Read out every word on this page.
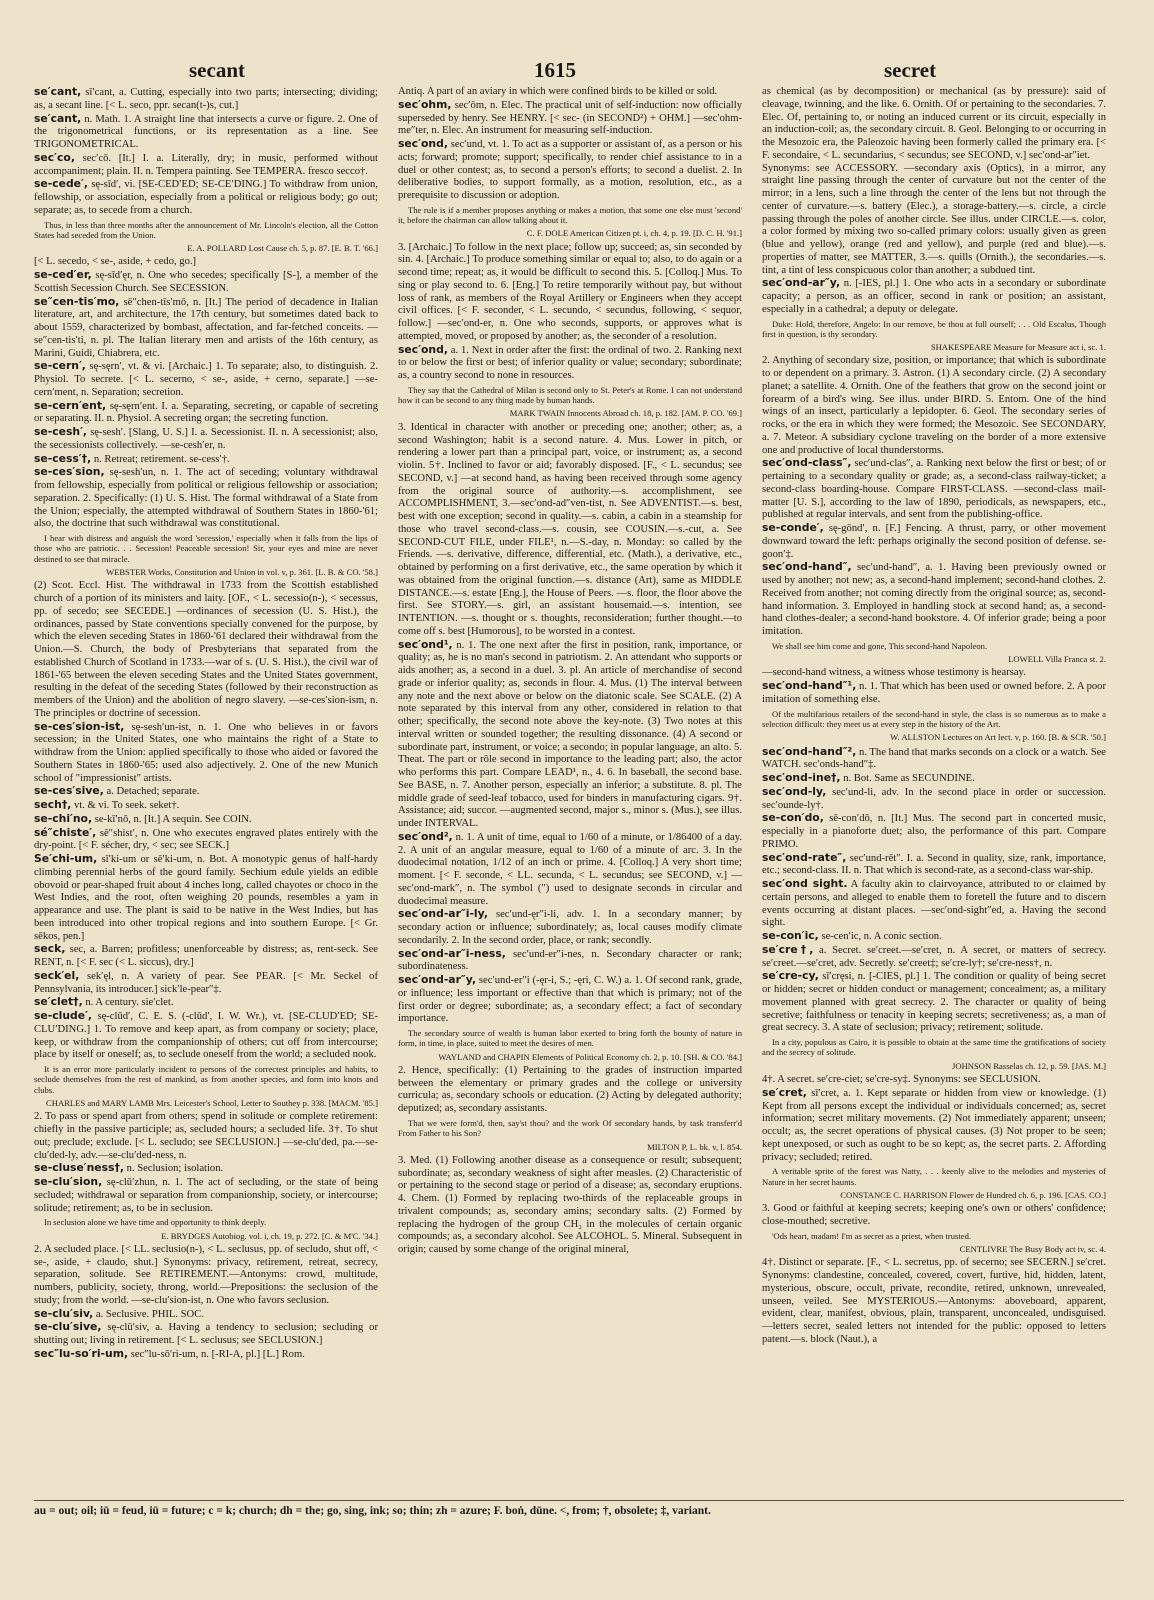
secant	1615	secret

se′cant, sī′cant, a. Cutting, especially into two parts; intersecting; dividing; as, a secant line. [< L. seco, ppr. secan(t-)s, cut.]

se′cant, n. Math. 1. A straight line that intersects a curve or figure. 2. One of the trigonometrical functions, or its representation as a line. See TRIGONOMETRICAL.

sec′co, sec′cō. [It.] I. a. Literally, dry; in music, performed without accompaniment; plain. II. n. Tempera painting. See TEMPERA. fresco secco†.

se-cede′, sę-sīd′, vi. [SE-CED′ED; SE-CE′DING.] To withdraw from union, fellowship, or association, especially from a political or religious body; go out; separate; as, to secede from a church.

Thus, in less than three months after the announcement of Mr. Lincoln's election, all the Cotton States had seceded from the Union.
E. A. POLLARD Lost Cause ch. 5, p. 87. [E. B. T. '66.]

[< L. secedo, < se-, aside, + cedo, go.]

se-ced′er, sę-sīd′ęr, n. One who secedes; specifically [S-], a member of the Scottish Secession Church. See SECESSION.

se″cen-tis′mo, sē″chen-tīs′mō, n. [It.] The period of decadence in Italian literature, art, and architecture, the 17th century, but sometimes dated back to about 1559, characterized by bombast, affectation, and far-fetched conceits. —se″cen-tis′ti, n. pl. The Italian literary men and artists of the 16th century, as Marini, Guidi, Chiabrera, etc.

se-cern′, sę-sęrn′, vt. & vi. [Archaic.] 1. To separate; also, to distinguish. 2. Physiol. To secrete. [< L. secerno, < se-, aside, + cerno, separate.] —se-cern′ment, n. Separation; secretion.

se-cern′ent, sę-sęrn′ent. I. a. Separating, secreting, or capable of secreting or separating. II. n. Physiol. A secreting organ; the secreting function.

se-cesh′, sę-sesh′. [Slang, U. S.] I. a. Secessionist. II. n. A secessionist; also, the secessionists collectively. —se-cesh′er, n.

se-cess′†, n. Retreat; retirement. se-cess′†.

se-ces′sion, sę-sesh′un, n. 1. The act of seceding; voluntary withdrawal from fellowship, especially from political or religious fellowship or association; separation. 2. Specifically: (1) U. S. Hist. The formal withdrawal of a State from the Union; especially, the attempted withdrawal of Southern States in 1860-'61; also, the doctrine that such withdrawal was constitutional.

I hear with distress and anguish the word 'secession,' especially when it falls from the lips of those who are patriotic. . . Secession! Peaceable secession! Sir, your eyes and mine are never destined to see that miracle.
WEBSTER Works, Constitution and Union in vol. v, p. 361. [L. B. & CO. '58.]

(2) Scot. Eccl. Hist. The withdrawal in 1733 from the Scottish established church of a portion of its ministers and laity. [OF., < L. secessio(n-), < secessus, pp. of secedo; see SECEDE.] —ordinances of secession (U. S. Hist.), the ordinances, passed by State conventions specially convened for the purpose, by which the eleven seceding States in 1860-'61 declared their withdrawal from the Union.—S. Church, the body of Presbyterians that separated from the established Church of Scotland in 1733.—war of s. (U. S. Hist.), the civil war of 1861-'65 between the eleven seceding States and the United States government, resulting in the defeat of the seceding States (followed by their reconstruction as members of the Union) and the abolition of negro slavery. —se-ces′sion-ism, n. The principles or doctrine of secession.

se-ces′sion-ist, sę-sesh′un-ist, n. 1. One who believes in or favors secession; in the United States, one who maintains the right of a State to withdraw from the Union: applied specifically to those who aided or favored the Southern States in 1860-'65: used also adjectively. 2. One of the new Munich school of "impressionist" artists.

se-ces′sive, a. Detached; separate.

sech†, vt. & vi. To seek. seket†.

se-chi′no, se-kī′nō, n. [It.] A sequin. See COIN.

sé″chiste′, sē″shist′, n. One who executes engraved plates entirely with the dry-point. [< F. sécher, dry, < sec; see SECK.]

Se′chi-um, sī′ki-um or sē′ki-um, n. Bot. A monotypic genus of half-hardy climbing perennial herbs of the gourd family. Sechium edule yields an edible obovoid or pear-shaped fruit about 4 inches long, called chayotes or choco in the West Indies, and the root, often weighing 20 pounds, resembles a yam in appearance and use. The plant is said to be native in the West Indies, but has been introduced into other tropical regions and into southern Europe. [< Gr. sēkos, pen.]

seck, sec, a. Barren; profitless; unenforceable by distress; as, rent-seck. See RENT, n. [< F. sec (< L. siccus), dry.]

seck′el, sek′ęl, n. A variety of pear. See PEAR. [< Mr. Seckel of Pennsylvania, its introducer.] sick′le-pear″‡.

se′clet†, n. A century. sie′clet.

se-clude′, sę-clūd′, C. E. S. (-clūd′, I. W. Wr.), vt. [SE-CLUD′ED; SE-CLU′DING.] 1. To remove and keep apart, as from company or society; place, keep, or withdraw from the companionship of others; cut off from intercourse; place by itself or oneself; as, to seclude oneself from the world; a secluded nook.

It is an error more particularly incident to persons of the correctest principles and habits, to seclude themselves from the rest of mankind, as from another species, and form into knots and clubs.
CHARLES and MARY LAMB Mrs. Leicester's School, Letter to Southey p. 338. [MACM. '85.]

2. To pass or spend apart from others; spend in solitude or complete retirement: chiefly in the passive participle; as, secluded hours; a secluded life. 3†. To shut out; preclude; exclude. [< L. secludo; see SECLUSION.] —se-clu′ded, pa.—se-clu′ded-ly, adv.—se-clu′ded-ness, n.

se-cluse′ness†, n. Seclusion; isolation.

se-clu′sion, sę-clū′zhun, n. 1. The act of secluding, or the state of being secluded; withdrawal or separation from companionship, society, or intercourse; solitude; retirement; as, to be in seclusion.

In seclusion alone we have time and opportunity to think deeply.
E. BRYDGES Autobiog. vol. i, ch. 19, p. 272. [C. & M'C. '34.]

2. A secluded place. [< LL. seclusio(n-), < L. seclusus, pp. of secludo, shut off, < se-, aside, + claudo, shut.] Synonyms: privacy, retirement, retreat, secrecy, separation, solitude. See RETIREMENT.—Antonyms: crowd, multitude, numbers, publicity, society, throng, world.—Prepositions: the seclusion of the study; from the world. —se-clu′sion-ist, n. One who favors seclusion.

se-clu′siv, a. Seclusive. PHIL. SOC.

se-clu′sive, sę-clū′siv, a. Having a tendency to seclusion; secluding or shutting out; living in retirement. [< L. seclusus; see SECLUSION.]

sec″lu-so′ri-um, sec″lu-sō′ri-um, n. [-RI-A, pl.] [L.] Rom.

Antiq. A part of an aviary in which were confined birds to be killed or sold.

sec′ohm, sec′ōm, n. Elec. The practical unit of self-induction: now officially superseded by henry. See HENRY. [< sec- (in SECOND²) + OHM.] —sec′ohm-me″ter, n. Elec. An instrument for measuring self-induction.

sec′ond, sec′und, vt. 1. To act as a supporter or assistant of, as a person or his acts; forward; promote; support; specifically, to render chief assistance to in a duel or other contest; as, to second a person's efforts; to second a duelist. 2. In deliberative bodies, to support formally, as a motion, resolution, etc., as a prerequisite to discussion or adoption.

The rule is if a member proposes anything or makes a motion, that some one else must 'second' it, before the chairman can allow talking about it.
C. F. DOLE American Citizen pt. i, ch. 4, p. 19. [D. C. H. '91.]

3. [Archaic.] To follow in the next place; follow up; succeed; as, sin seconded by sin. 4. [Archaic.] To produce something similar or equal to; also, to do again or a second time; repeat; as, it would be difficult to second this. 5. [Colloq.] Mus. To sing or play second to. 6. [Eng.] To retire temporarily without pay, but without loss of rank, as members of the Royal Artillery or Engineers when they accept civil offices. [< F. seconder, < L. secundo, < secundus, following, < sequor, follow.] —sec′ond-er, n. One who seconds, supports, or approves what is attempted, moved, or proposed by another; as, the seconder of a resolution.

sec′ond, a. 1. Next in order after the first: the ordinal of two. 2. Ranking next to or below the first or best; of inferior quality or value; secondary; subordinate; as, a country second to none in resources.

They say that the Cathedral of Milan is second only to St. Peter's at Rome. I can not understand how it can be second to any thing made by human hands.
MARK TWAIN Innocents Abroad ch. 18, p. 182. [AM. P. CO. '69.]

3. Identical in character with another or preceding one; another; other; as, a second Washington; habit is a second nature. 4. Mus. Lower in pitch, or rendering a lower part than a principal part, voice, or instrument; as, a second violin. 5†. Inclined to favor or aid; favorably disposed. [F., < L. secundus; see SECOND, v.] —at second hand, as having been received through some agency from the original source of authority.—s. accomplishment, see ACCOMPLISHMENT, 3.—sec′ond-ad″ven-tist, n. See ADVENTIST.—s. best, best with one exception; second in quality.—s. cabin, a cabin in a steamship for those who travel second-class.—s. cousin, see COUSIN.—s.-cut, a. See SECOND-CUT FILE, under FILE¹, n.—S.-day, n. Monday: so called by the Friends. —s. derivative, difference, differential, etc. (Math.), a derivative, etc., obtained by performing on a first derivative, etc., the same operation by which it was obtained from the original function.—s. distance (Art), same as MIDDLE DISTANCE.—s. estate [Eng.], the House of Peers. —s. floor, the floor above the first. See STORY.—s. girl, an assistant housemaid.—s. intention, see INTENTION. —s. thought or s. thoughts, reconsideration; further thought.—to come off s. best [Humorous], to be worsted in a contest.

sec′ond¹, n. 1. The one next after the first in position, rank, importance, or quality; as, he is no man's second in patriotism. 2. An attendant who supports or aids another; as, a second in a duel. 3. pl. An article of merchandise of second grade or inferior quality; as, seconds in flour. 4. Mus. (1) The interval between any note and the next above or below on the diatonic scale. See SCALE. (2) A note separated by this interval from any other, considered in relation to that other; specifically, the second note above the key-note. (3) Two notes at this interval written or sounded together; the resulting dissonance. (4) A second or subordinate part, instrument, or voice; a secondo; in popular language, an alto. 5. Theat. The part or rôle second in importance to the leading part; also, the actor who performs this part. Compare LEAD¹, n., 4. 6. In baseball, the second base. See BASE, n. 7. Another person, especially an inferior; a substitute. 8. pl. The middle grade of seed-leaf tobacco, used for binders in manufacturing cigars. 9†. Assistance; aid; succor. —augmented second, major s., minor s. (Mus.), see illus. under INTERVAL.

sec′ond², n. 1. A unit of time, equal to 1/60 of a minute, or 1/86400 of a day. 2. A unit of an angular measure, equal to 1/60 of a minute of arc. 3. In the duodecimal notation, 1/12 of an inch or prime. 4. [Colloq.] A very short time; moment. [< F. seconde, < LL. secunda, < L. secundus; see SECOND, v.] —sec′ond-mark″, n. The symbol (″) used to designate seconds in circular and duodecimal measure.

sec′ond-ar″i-ly, sec′und-ęr″i-li, adv. 1. In a secondary manner; by secondary action or influence; subordinately; as, local causes modify climate secondarily. 2. In the second order, place, or rank; secondly.

sec′ond-ar″i-ness, sec′und-er″i-nes, n. Secondary character or rank; subordinateness.

sec′ond-ar″y, sec′und-er″i (-ęr-i, S.; -ęri, C. W.) a. 1. Of second rank, grade, or influence; less important or effective than that which is primary; not of the first order or degree; subordinate; as, a secondary effect; a fact of secondary importance.

The secondary source of wealth is human labor exerted to bring forth the bounty of nature in form, in time, in place, suited to meet the desires of men.
WAYLAND and CHAPIN Elements of Political Economy ch. 2, p. 10. [SH. & CO. '84.]

2. Hence, specifically: (1) Pertaining to the grades of instruction imparted between the elementary or primary grades and the college or university curricula; as, secondary schools or education. (2) Acting by delegated authority; deputized; as, secondary assistants.

That we were form'd, then, say'st thou? and the work Of secondary hands, by task transferr'd From Father to his Son?
MILTON P. L. bk. v, l. 854.

3. Med. (1) Following another disease as a consequence or result; subsequent; subordinate; as, secondary weakness of sight after measles. (2) Characteristic of or pertaining to the second stage or period of a disease; as, secondary eruptions. 4. Chem. (1) Formed by replacing two-thirds of the replaceable groups in trivalent compounds; as, secondary amins; secondary salts. (2) Formed by replacing the hydrogen of the group CH₂ in the molecules of certain organic compounds; as, a secondary alcohol. See ALCOHOL. 5. Mineral. Subsequent in origin; caused by some change of the original mineral,

as chemical (as by decomposition) or mechanical (as by pressure): said of cleavage, twinning, and the like. 6. Ornith. Of or pertaining to the secondaries. 7. Elec. Of, pertaining to, or noting an induced current or its circuit, especially in an induction-coil; as, the secondary circuit. 8. Geol. Belonging to or occurring in the Mesozoic era, the Paleozoic having been formerly called the primary era. [< F. secondaire, < L. secundarius, < secundus; see SECOND, v.] sec′ond-ar″iet.

Synonyms: see ACCESSORY. —secondary axis (Optics), in a mirror, any straight line passing through the center of curvature but not the center of the mirror; in a lens, such a line through the center of the lens but not through the center of curvature.—s. battery (Elec.), a storage-battery.—s. circle, a circle passing through the poles of another circle. See illus. under CIRCLE.—s. color, a color formed by mixing two so-called primary colors: usually given as green (blue and yellow), orange (red and yellow), and purple (red and blue).—s. properties of matter, see MATTER, 3.—s. quills (Ornith.), the secondaries.—s. tint, a tint of less conspicuous color than another; a subdued tint.

sec′ond-ar″y, n. [-IES, pl.] 1. One who acts in a secondary or subordinate capacity; a person, as an officer, second in rank or position; an assistant, especially in a cathedral; a deputy or delegate.

Duke: Hold, therefore, Angelo: In our remove, be thou at full ourself; . . . Old Escalus, Though first in question, is thy secondary.
SHAKESPEARE Measure for Measure act i, sc. 1.

2. Anything of secondary size, position, or importance; that which is subordinate to or dependent on a primary. 3. Astron. (1) A secondary circle. (2) A secondary planet; a satellite. 4. Ornith. One of the feathers that grow on the second joint or forearm of a bird's wing. See illus. under BIRD. 5. Entom. One of the hind wings of an insect, particularly a lepidopter. 6. Geol. The secondary series of rocks, or the era in which they were formed; the Mesozoic. See SECONDARY, a. 7. Meteor. A subsidiary cyclone traveling on the border of a more extensive one and productive of local thunderstorms.

sec′ond-class″, sec′und-clas″, a. Ranking next below the first or best; of or pertaining to a secondary quality or grade; as, a second-class railway-ticket; a second-class boarding-house. Compare FIRST-CLASS. —second-class mail-matter [U. S.], according to the law of 1890, periodicals, as newspapers, etc., published at regular intervals, and sent from the publishing-office.

se-conde′, sę-gōnd′, n. [F.] Fencing. A thrust, parry, or other movement downward toward the left: perhaps originally the second position of defense. se-goon′‡.

sec′ond-hand″, sec′und-hand″, a. 1. Having been previously owned or used by another; not new; as, a second-hand implement; second-hand clothes. 2. Received from another; not coming directly from the original source; as, second-hand information. 3. Employed in handling stock at second hand; as, a second-hand clothes-dealer; a second-hand bookstore. 4. Of inferior grade; being a poor imitation.

We shall see him come and gone, This second-hand Napoleon.
LOWELL Villa Franca st. 2.

—second-hand witness, a witness whose testimony is hearsay.

sec′ond-hand″¹, n. 1. That which has been used or owned before. 2. A poor imitation of something else.

Of the multifarious retailers of the second-hand in style, the class is so numerous as to make a selection difficult: they meet us at every step in the history of the Art.
W. ALLSTON Lectures on Art lect. v, p. 160. [B. & SCR. '50.]

sec′ond-hand″², n. The hand that marks seconds on a clock or a watch. See WATCH. sec′onds-hand″‡.

sec′ond-ine†, n. Bot. Same as SECUNDINE.

sec′ond-ly, sec′und-li, adv. In the second place in order or succession. sec′ounde-ly†.

se-con′do, sē-con′dō, n. [It.] Mus. The second part in concerted music, especially in a pianoforte duet; also, the performance of this part. Compare PRIMO.

sec′ond-rate″, sec′und-rēt″. I. a. Second in quality, size, rank, importance, etc.; second-class. II. n. That which is second-rate, as a second-class war-ship.

sec′ond sight. A faculty akin to clairvoyance, attributed to or claimed by certain persons, and alleged to enable them to foretell the future and to discern events occurring at distant places. —sec′ond-sight″ed, a. Having the second sight.

se-con′ic, se-cen′ic, n. A conic section.

se′cre†, a. Secret. se′creet.—se′cret, n. A secret, or matters of secrecy. se′creet.—se′cret, adv. Secretly. se′creet‡; se′cre-ly†; se′cre-ness†, n.

se′cre-cy, sī′cręsi, n. [-CIES, pl.] 1. The condition or quality of being secret or hidden; secret or hidden conduct or management; concealment; as, a military movement planned with great secrecy. 2. The character or quality of being secretive; faithfulness or tenacity in keeping secrets; secretiveness; as, a man of great secrecy. 3. A state of seclusion; privacy; retirement; solitude.

In a city, populous as Cairo, it is possible to obtain at the same time the gratifications of society and the secrecy of solitude.
JOHNSON Rasselas ch. 12, p. 59. [JAS. M.]

4†. A secret. se′cre-ciet; se′cre-sy‡. Synonyms: see SECLUSION.

se′cret, sī′cret, a. 1. Kept separate or hidden from view or knowledge. (1) Kept from all persons except the individual or individuals concerned; as, secret information; secret military movements. (2) Not immediately apparent; unseen; occult; as, the secret operations of physical causes. (3) Not proper to be seen; kept unexposed, or such as ought to be so kept; as, the secret parts. 2. Affording privacy; secluded; retired.

A veritable sprite of the forest was Natty, . . . keenly alive to the melodies and mysteries of Nature in her secret haunts.
CONSTANCE C. HARRISON Flower de Hundred ch. 6, p. 196. [CAS. CO.]

3. Good or faithful at keeping secrets; keeping one's own or others' confidence; close-mouthed; secretive.

'Ods heart, madam! I'm as secret as a priest, when trusted.
CENTLIVRE The Busy Body act iv, sc. 4.

4†. Distinct or separate. [F., < L. secretus, pp. of secerno; see SECERN.] se′cret. Synonyms: clandestine, concealed, covered, covert, furtive, hid, hidden, latent, mysterious, obscure, occult, private, recondite, retired, unknown, unrevealed, unseen, veiled. See MYSTERIOUS.—Antonyms: aboveboard, apparent, evident, clear, manifest, obvious, plain, transparent, unconcealed, undisguised. —letters secret, sealed letters not intended for the public: opposed to letters patent.—s. block (Naut.), a

au = out; oil; iū = feud, iū = future; c = k; church; dh = the; go, sing, ink; so; thin; zh = azure; F. boṅ, dūne. <, from; †, obsolete; ‡, variant.
